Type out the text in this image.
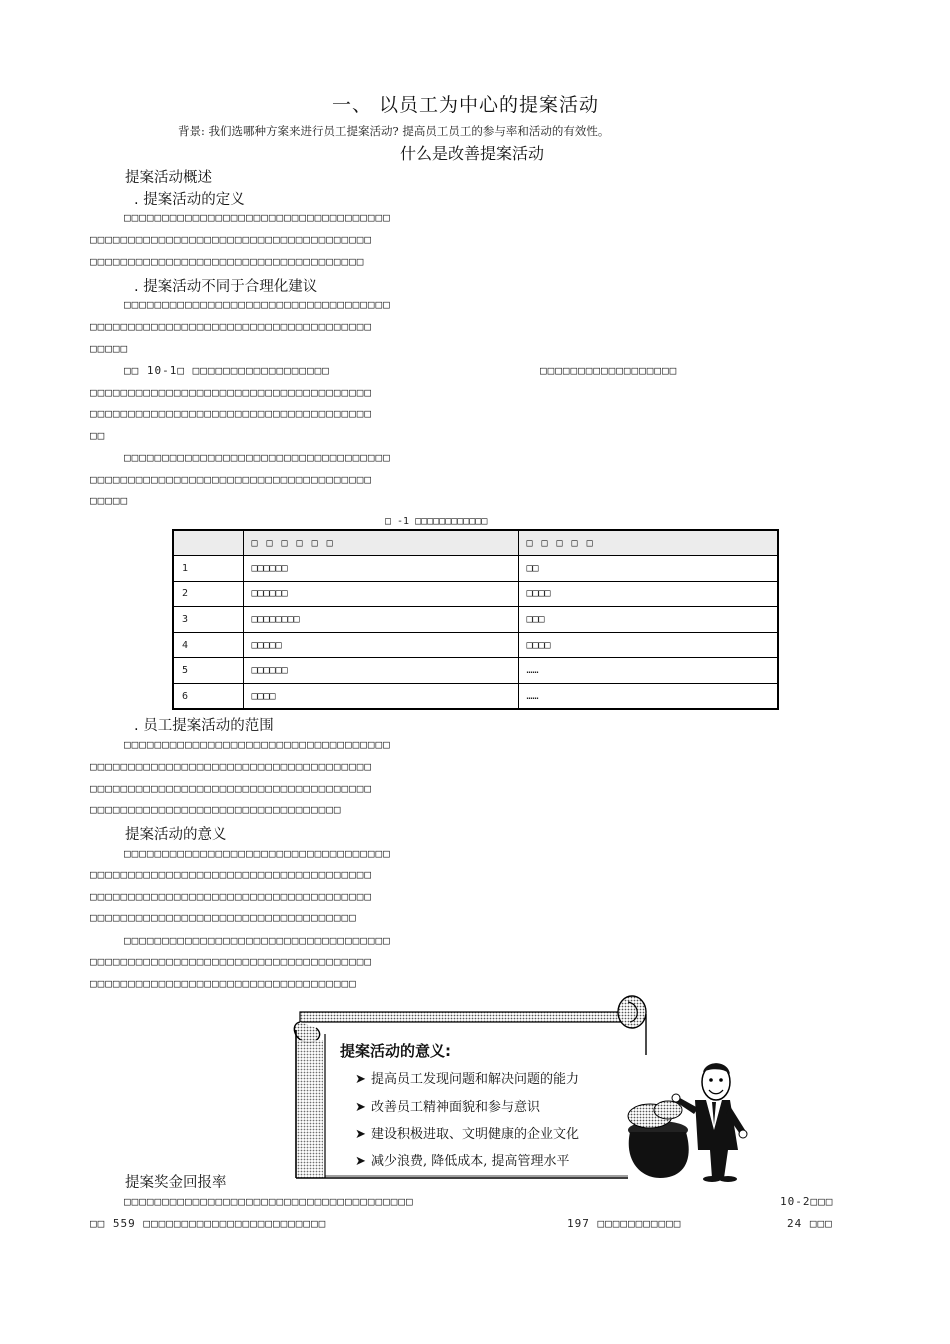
一、 以员工为中心的提案活动
背景: 我们选哪种方案来进行员工提案活动? 提高员工员工的参与率和活动的有效性。
什么是改善提案活动
提案活动概述
. 提案活动的定义
□□□□□□□□□□□□□□□□□□□□□□□□□□□□□□□□□□□
□□□□□□□□□□□□□□□□□□□□□□□□□□□□□□□□□□□□□
□□□□□□□□□□□□□□□□□□□□□□□□□□□□□□□□□□□□
. 提案活动不同于合理化建议
□□□□□□□□□□□□□□□□□□□□□□□□□□□□□□□□□□□
□□□□□□□□□□□□□□□□□□□□□□□□□□□□□□□□□□□□□
□□□□□
□□ 10-1□ □□□□□□□□□□□□□□□□□□	□□□□□□□□□□□□□□□□□□
□□□□□□□□□□□□□□□□□□□□□□□□□□□□□□□□□□□□□
□□□□□□□□□□□□□□□□□□□□□□□□□□□□□□□□□□□□□
□□
□□□□□□□□□□□□□□□□□□□□□□□□□□□□□□□□□□□
□□□□□□□□□□□□□□□□□□□□□□□□□□□□□□□□□□□□□
□□□□□
□ -1 □□□□□□□□□□□□
	□□□□□□	□□□□□
1	□□□□□□	□□
2	□□□□□□	□□□□
3	□□□□□□□□	□□□
4	□□□□□	□□□□
5	□□□□□□	……
6	□□□□	……
. 员工提案活动的范围
□□□□□□□□□□□□□□□□□□□□□□□□□□□□□□□□□□□
□□□□□□□□□□□□□□□□□□□□□□□□□□□□□□□□□□□□□
□□□□□□□□□□□□□□□□□□□□□□□□□□□□□□□□□□□□□
□□□□□□□□□□□□□□□□□□□□□□□□□□□□□□□□□
提案活动的意义
□□□□□□□□□□□□□□□□□□□□□□□□□□□□□□□□□□□
□□□□□□□□□□□□□□□□□□□□□□□□□□□□□□□□□□□□□
□□□□□□□□□□□□□□□□□□□□□□□□□□□□□□□□□□□□□
□□□□□□□□□□□□□□□□□□□□□□□□□□□□□□□□□□□
□□□□□□□□□□□□□□□□□□□□□□□□□□□□□□□□□□□
□□□□□□□□□□□□□□□□□□□□□□□□□□□□□□□□□□□□□
□□□□□□□□□□□□□□□□□□□□□□□□□□□□□□□□□□□
提案活动的意义:
➤ 提高员工发现问题和解决问题的能力
➤ 改善员工精神面貌和参与意识
➤ 建设积极进取、文明健康的企业文化
➤ 减少浪费, 降低成本, 提高管理水平
提案奖金回报率
□□□□□□□□□□□□□□□□□□□□□□□□□□□□□□□□□□□□□□	10-2□□□
□□ 559 □□□□□□□□□□□□□□□□□□□□□□□□	197 □□□□□□□□□□□	24 □□□
